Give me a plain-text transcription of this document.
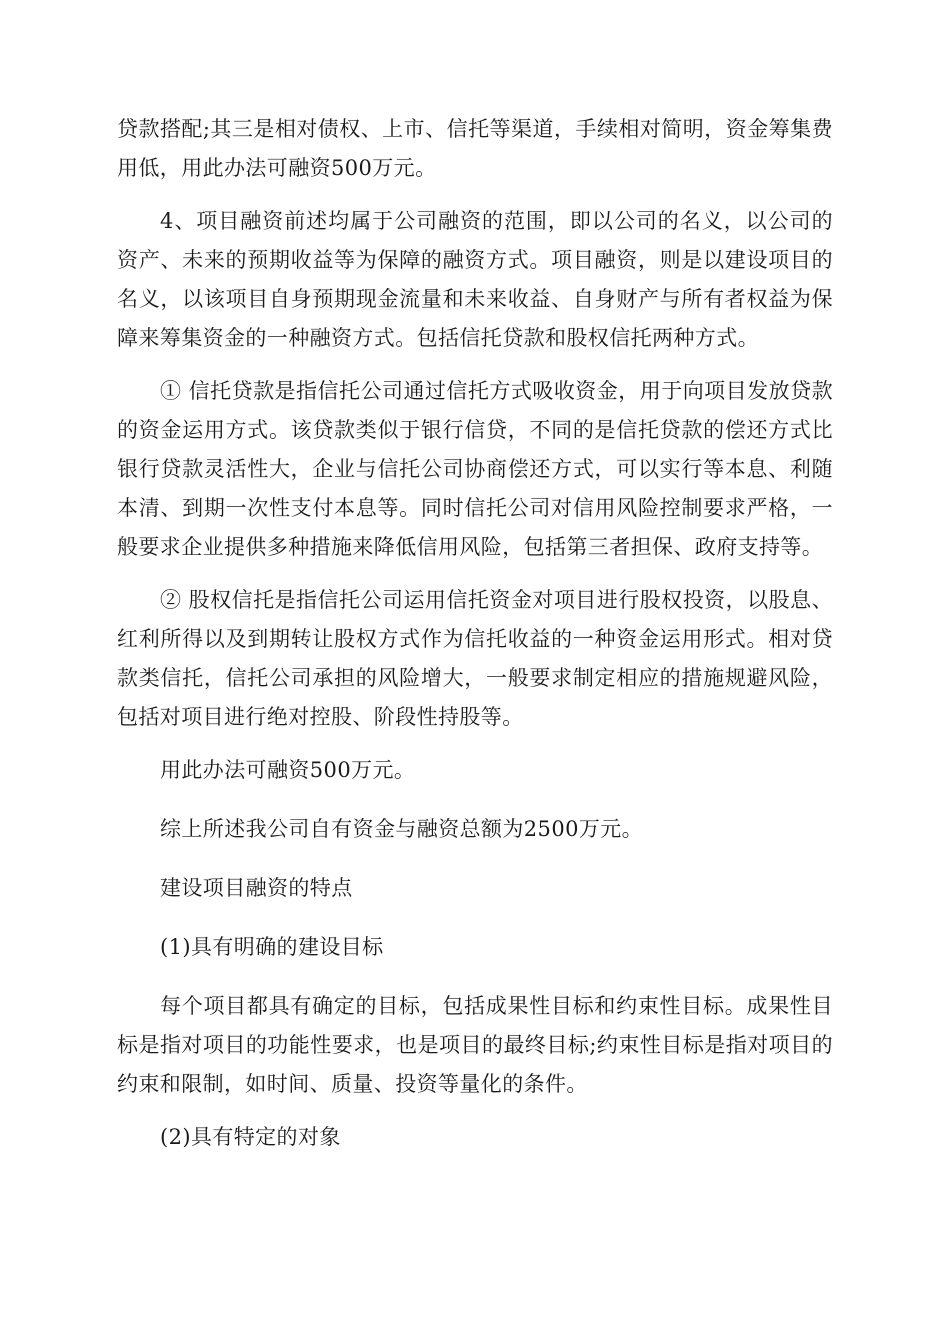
贷款搭配;其三是相对债权、上市、信托等渠道，手续相对简明，资金筹集费用低，用此办法可融资500万元。

4、项目融资前述均属于公司融资的范围，即以公司的名义，以公司的资产、未来的预期收益等为保障的融资方式。项目融资，则是以建设项目的名义，以该项目自身预期现金流量和未来收益、自身财产与所有者权益为保障来筹集资金的一种融资方式。包括信托贷款和股权信托两种方式。

① 信托贷款是指信托公司通过信托方式吸收资金，用于向项目发放贷款的资金运用方式。该贷款类似于银行信贷，不同的是信托贷款的偿还方式比银行贷款灵活性大，企业与信托公司协商偿还方式，可以实行等本息、利随本清、到期一次性支付本息等。同时信托公司对信用风险控制要求严格，一般要求企业提供多种措施来降低信用风险，包括第三者担保、政府支持等。

② 股权信托是指信托公司运用信托资金对项目进行股权投资，以股息、红利所得以及到期转让股权方式作为信托收益的一种资金运用形式。相对贷款类信托，信托公司承担的风险增大，一般要求制定相应的措施规避风险，包括对项目进行绝对控股、阶段性持股等。

用此办法可融资500万元。

综上所述我公司自有资金与融资总额为2500万元。

建设项目融资的特点

(1)具有明确的建设目标

每个项目都具有确定的目标，包括成果性目标和约束性目标。成果性目标是指对项目的功能性要求，也是项目的最终目标;约束性目标是指对项目的约束和限制，如时间、质量、投资等量化的条件。

(2)具有特定的对象
